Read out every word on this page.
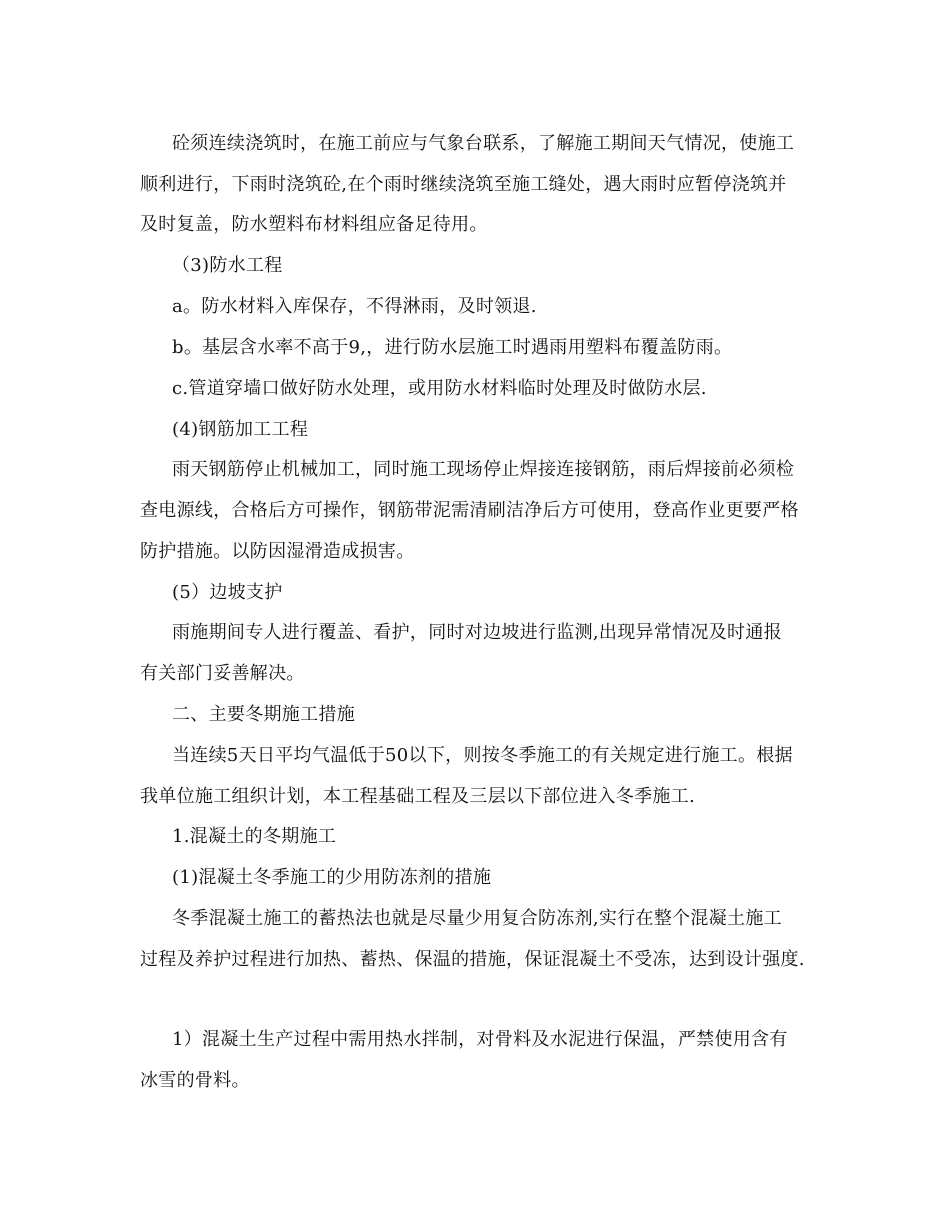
砼须连续浇筑时，在施工前应与气象台联系，了解施工期间天气情况，使施工
顺利进行，下雨时浇筑砼,在个雨时继续浇筑至施工缝处，遇大雨时应暂停浇筑并
及时复盖，防水塑料布材料组应备足待用。
（3)防水工程
a。防水材料入库保存，不得淋雨，及时领退.
b。基层含水率不高于9,，进行防水层施工时遇雨用塑料布覆盖防雨。
c.管道穿墙口做好防水处理，或用防水材料临时处理及时做防水层.
(4)钢筋加工工程
雨天钢筋停止机械加工，同时施工现场停止焊接连接钢筋，雨后焊接前必须检
查电源线，合格后方可操作，钢筋带泥需清刷洁净后方可使用，登高作业更要严格
防护措施。以防因湿滑造成损害。
(5）边坡支护
雨施期间专人进行覆盖、看护，同时对边坡进行监测,出现异常情况及时通报
有关部门妥善解决。
二、主要冬期施工措施
当连续5天日平均气温低于50以下，则按冬季施工的有关规定进行施工。根据
我单位施工组织计划，本工程基础工程及三层以下部位进入冬季施工.
1.混凝土的冬期施工
(1)混凝土冬季施工的少用防冻剂的措施
冬季混凝土施工的蓄热法也就是尽量少用复合防冻剂,实行在整个混凝土施工
过程及养护过程进行加热、蓄热、保温的措施，保证混凝土不受冻，达到设计强度.
1）混凝土生产过程中需用热水拌制，对骨料及水泥进行保温，严禁使用含有
冰雪的骨料。
